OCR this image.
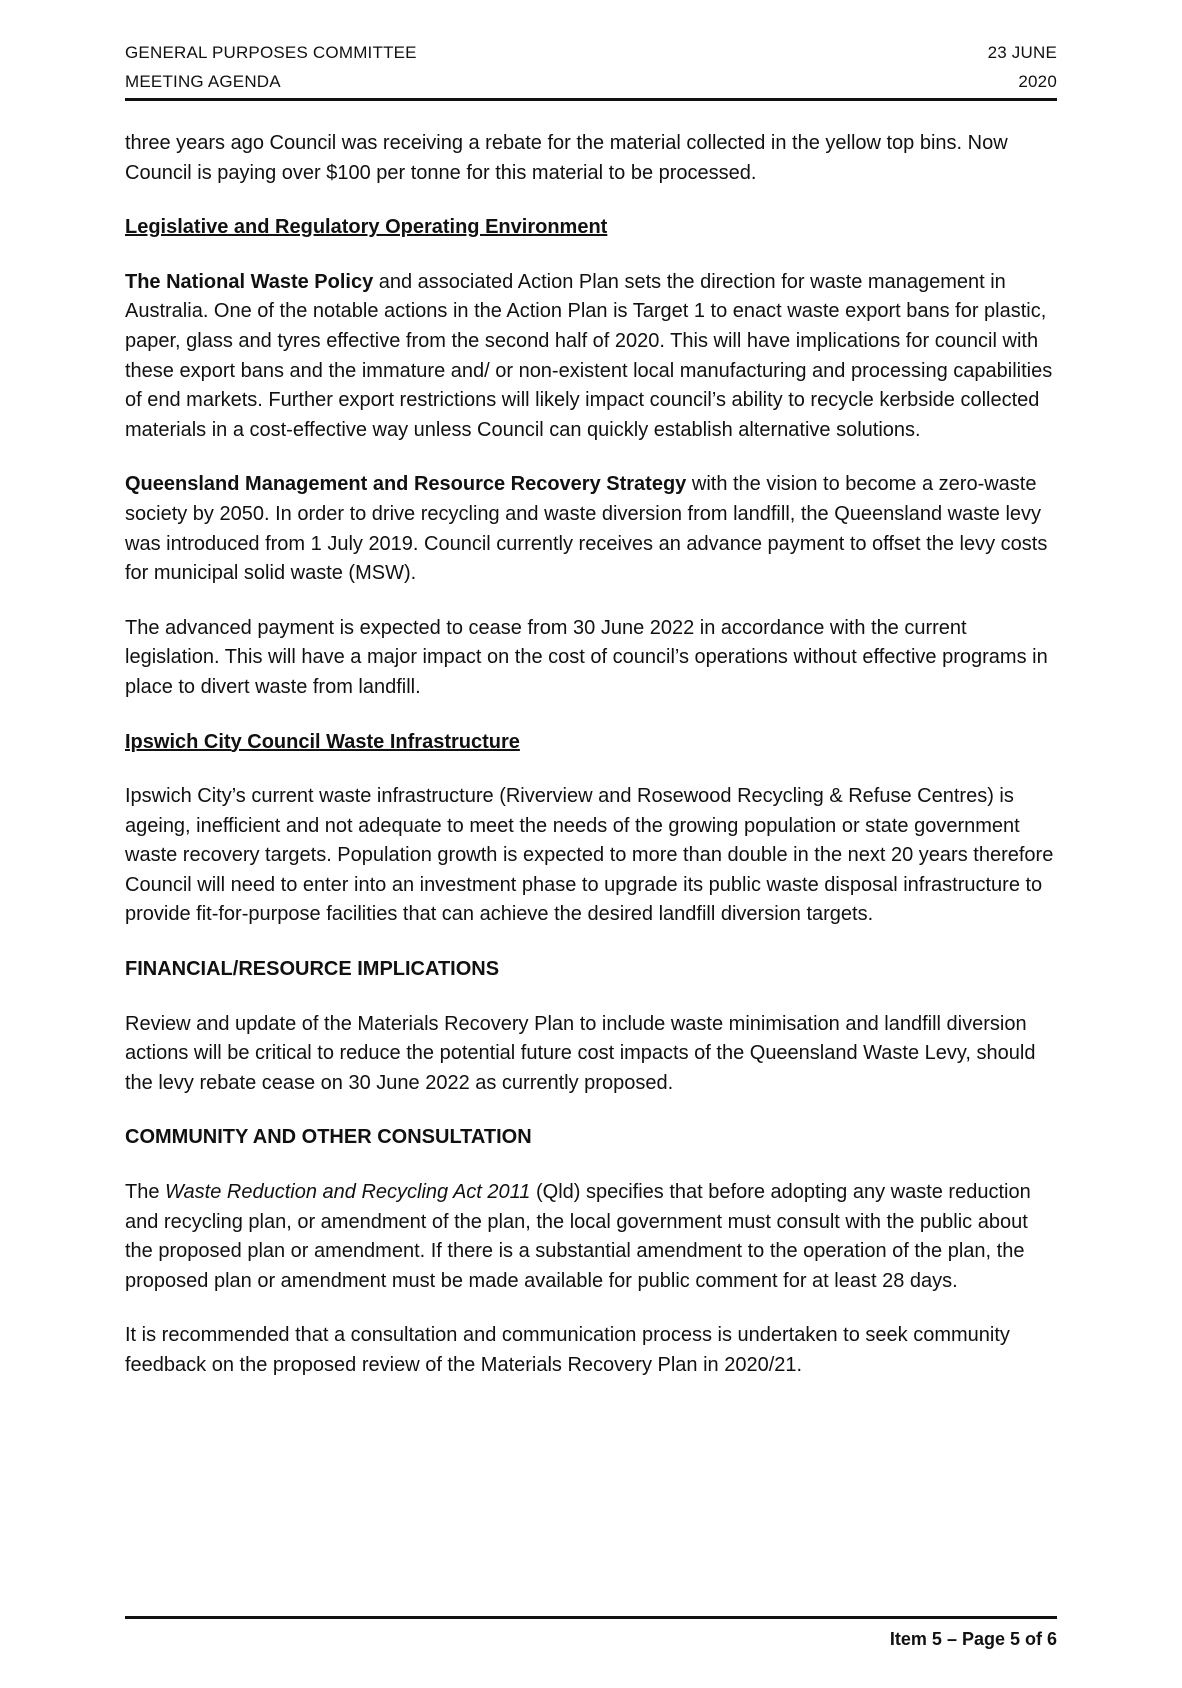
GENERAL PURPOSES COMMITTEE
MEETING AGENDA
23 JUNE
2020

three years ago Council was receiving a rebate for the material collected in the yellow top bins. Now Council is paying over $100 per tonne for this material to be processed.

Legislative and Regulatory Operating Environment

The National Waste Policy and associated Action Plan sets the direction for waste management in Australia. One of the notable actions in the Action Plan is Target 1 to enact waste export bans for plastic, paper, glass and tyres effective from the second half of 2020. This will have implications for council with these export bans and the immature and/ or non-existent local manufacturing and processing capabilities of end markets. Further export restrictions will likely impact council’s ability to recycle kerbside collected materials in a cost-effective way unless Council can quickly establish alternative solutions.

Queensland Management and Resource Recovery Strategy with the vision to become a zero-waste society by 2050. In order to drive recycling and waste diversion from landfill, the Queensland waste levy was introduced from 1 July 2019. Council currently receives an advance payment to offset the levy costs for municipal solid waste (MSW).

The advanced payment is expected to cease from 30 June 2022 in accordance with the current legislation. This will have a major impact on the cost of council’s operations without effective programs in place to divert waste from landfill.

Ipswich City Council Waste Infrastructure

Ipswich City’s current waste infrastructure (Riverview and Rosewood Recycling & Refuse Centres) is ageing, inefficient and not adequate to meet the needs of the growing population or state government waste recovery targets. Population growth is expected to more than double in the next 20 years therefore Council will need to enter into an investment phase to upgrade its public waste disposal infrastructure to provide fit-for-purpose facilities that can achieve the desired landfill diversion targets.

FINANCIAL/RESOURCE IMPLICATIONS

Review and update of the Materials Recovery Plan to include waste minimisation and landfill diversion actions will be critical to reduce the potential future cost impacts of the Queensland Waste Levy, should the levy rebate cease on 30 June 2022 as currently proposed.

COMMUNITY AND OTHER CONSULTATION

The Waste Reduction and Recycling Act 2011 (Qld) specifies that before adopting any waste reduction and recycling plan, or amendment of the plan, the local government must consult with the public about the proposed plan or amendment. If there is a substantial amendment to the operation of the plan, the proposed plan or amendment must be made available for public comment for at least 28 days.

It is recommended that a consultation and communication process is undertaken to seek community feedback on the proposed review of the Materials Recovery Plan in 2020/21.

Item 5 – Page 5 of 6
